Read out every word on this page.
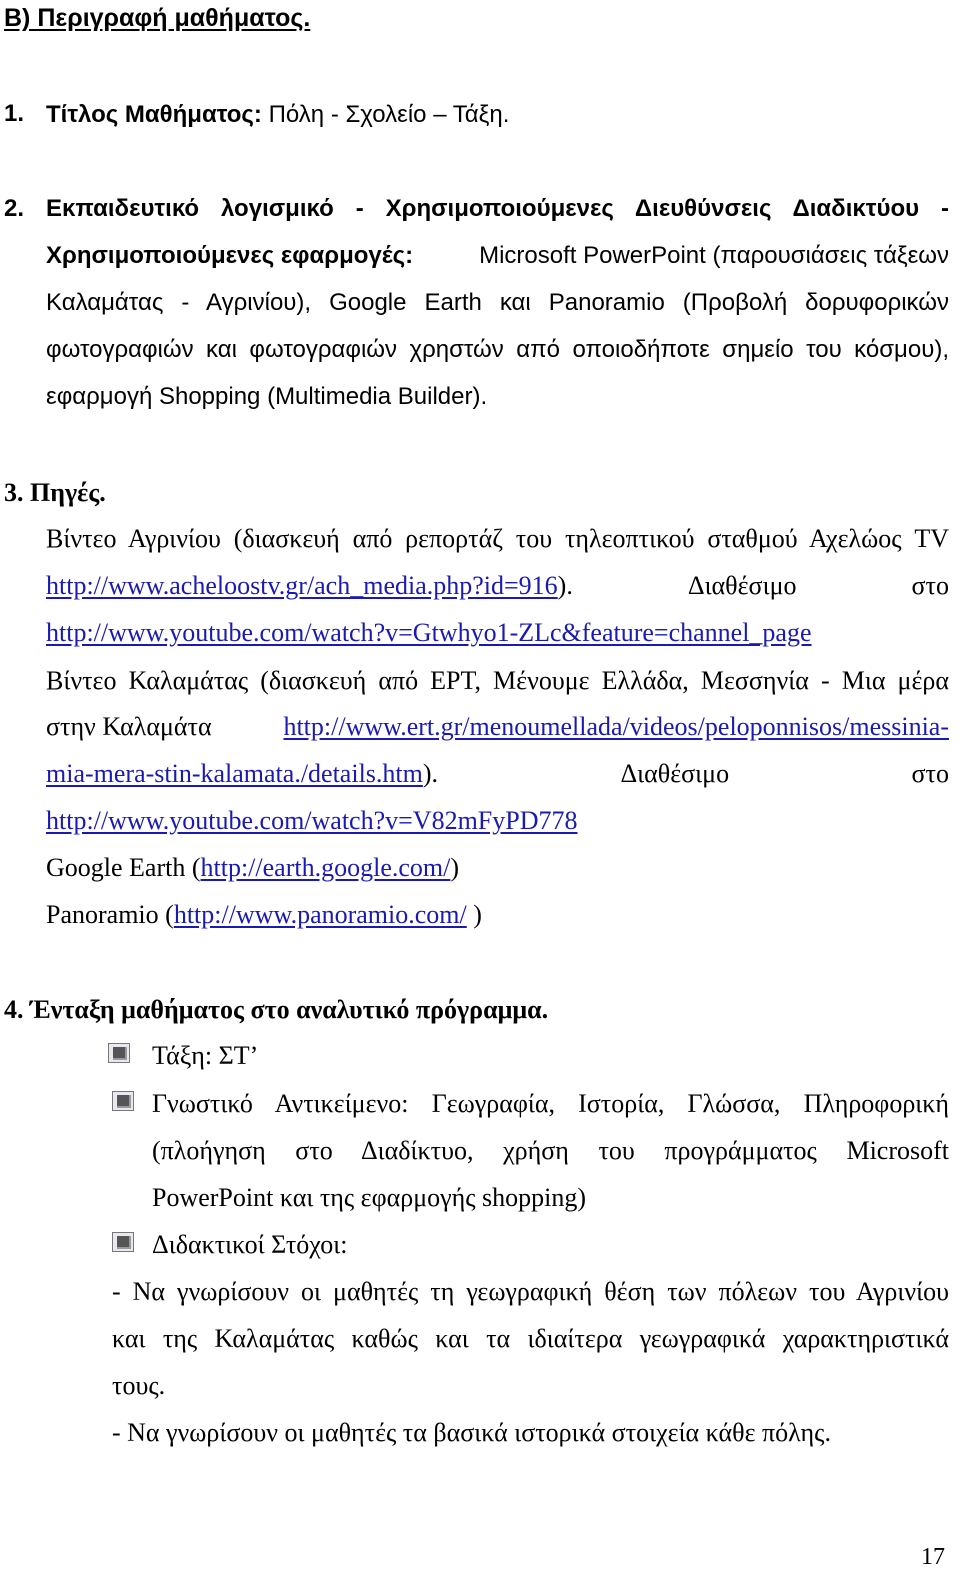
Β) Περιγραφή μαθήματος.
1. Τίτλος Μαθήματος: Πόλη - Σχολείο – Τάξη.
2. Εκπαιδευτικό λογισμικό - Χρησιμοποιούμενες Διευθύνσεις Διαδικτύου -
Χρησιμοποιούμενες εφαρμογές:	Microsoft PowerPoint (παρουσιάσεις τάξεων
Καλαμάτας - Αγρινίου), Google Earth και Panoramio (Προβολή δορυφορικών
φωτογραφιών και φωτογραφιών χρηστών από οποιοδήποτε σημείο του κόσμου),
εφαρμογή Shopping (Multimedia Builder).
3. Πηγές.
Βίντεο Αγρινίου (διασκευή από ρεπορτάζ του τηλεοπτικού σταθμού Αχελώος TV
http://www.acheloostv.gr/ach_media.php?id=916).	Διαθέσιμο	στο
http://www.youtube.com/watch?v=Gtwhyo1-ZLc&feature=channel_page
Βίντεο Καλαμάτας (διασκευή από ΕΡΤ, Μένουμε Ελλάδα, Μεσσηνία - Μια μέρα
στην Καλαμάτα	http://www.ert.gr/menoumellada/videos/peloponnisos/messinia-
mia-mera-stin-kalamata./details.htm).	Διαθέσιμο	στο
http://www.youtube.com/watch?v=V82mFyPD778
Google Earth (http://earth.google.com/)
Panoramio (http://www.panoramio.com/ )
4. Ένταξη μαθήματος στο αναλυτικό πρόγραμμα.
Τάξη: ΣΤ’
Γνωστικό Αντικείμενο: Γεωγραφία, Ιστορία, Γλώσσα, Πληροφορική
(πλοήγηση στο Διαδίκτυο, χρήση του προγράμματος Microsoft
PowerPoint και της εφαρμογής shopping)
Διδακτικοί Στόχοι:
- Να γνωρίσουν οι μαθητές τη γεωγραφική θέση των πόλεων του Αγρινίου
και της Καλαμάτας καθώς και τα ιδιαίτερα γεωγραφικά χαρακτηριστικά
τους.
- Να γνωρίσουν οι μαθητές τα βασικά ιστορικά στοιχεία κάθε πόλης.
17
